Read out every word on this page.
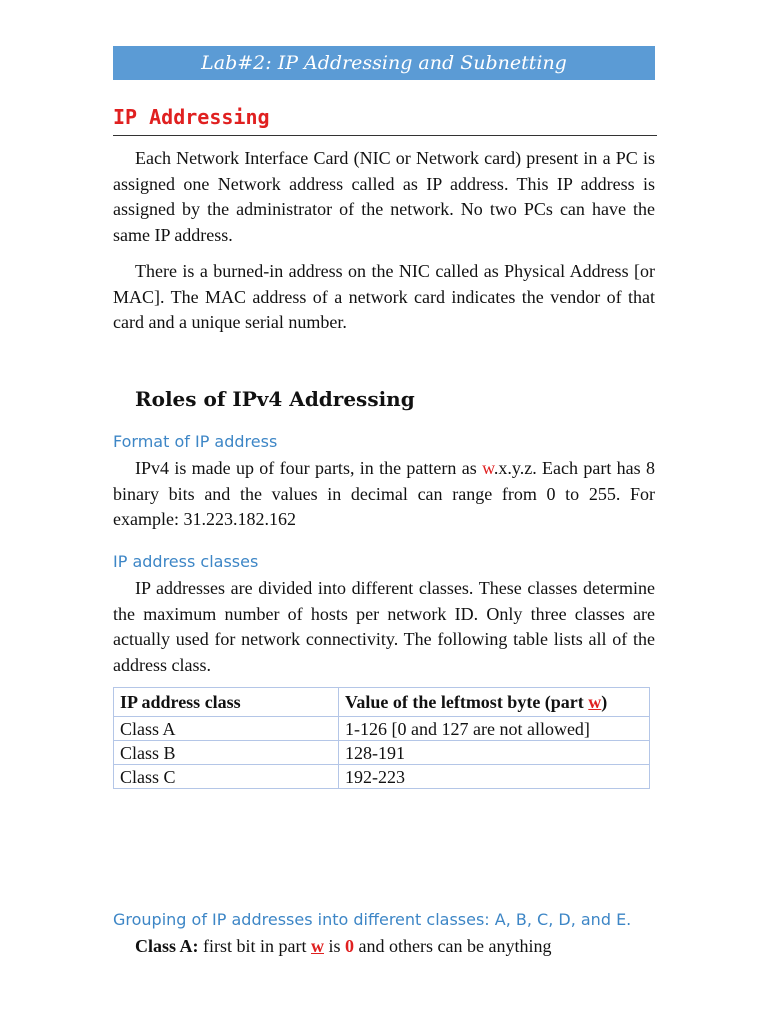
Lab#2: IP Addressing and Subnetting
IP Addressing

Each Network Interface Card (NIC or Network card) present in a PC is assigned one Network address called as IP address. This IP address is assigned by the administrator of the network. No two PCs can have the same IP address.

There is a burned-in address on the NIC called as Physical Address [or MAC]. The MAC address of a network card indicates the vendor of that card and a unique serial number.

Roles of IPv4 Addressing
Format of IP address

IPv4 is made up of four parts, in the pattern as w.x.y.z. Each part has 8 binary bits and the values in decimal can range from 0 to 255. For example: 31.223.182.162

IP address classes

IP addresses are divided into different classes. These classes determine the maximum number of hosts per network ID. Only three classes are actually used for network connectivity. The following table lists all of the address class.

IP address class	Value of the leftmost byte (part w)
Class A	1-126 [0 and 127 are not allowed]
Class B	128-191
Class C	192-223
Grouping of IP addresses into different classes: A, B, C, D, and E.

Class A: first bit in part w is 0 and others can be anything
